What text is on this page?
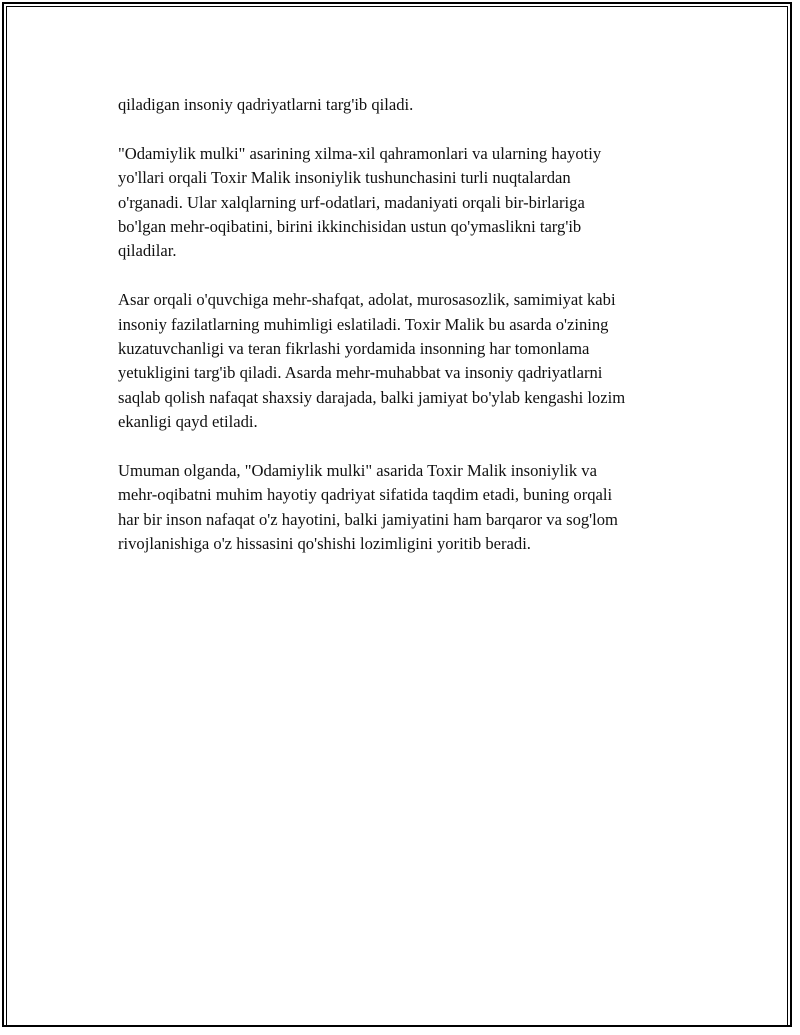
qiladigan insoniy qadriyatlarni targ'ib qiladi.

"Odamiylik mulki" asarining xilma-xil qahramonlari va ularning hayotiy
yo'llari orqali Toxir Malik insoniylik tushunchasini turli nuqtalardan
o'rganadi. Ular xalqlarning urf-odatlari, madaniyati orqali bir-birlariga
bo'lgan mehr-oqibatini, birini ikkinchisidan ustun qo'ymaslikni targ'ib
qiladilar.

Asar orqali o'quvchiga mehr-shafqat, adolat, murosasozlik, samimiyat kabi
insoniy fazilatlarning muhimligi eslatiladi. Toxir Malik bu asarda o'zining
kuzatuvchanligi va teran fikrlashi yordamida insonning har tomonlama
yetukligini targ'ib qiladi. Asarda mehr-muhabbat va insoniy qadriyatlarni
saqlab qolish nafaqat shaxsiy darajada, balki jamiyat bo'ylab kengashi lozim
ekanligi qayd etiladi.

Umuman olganda, "Odamiylik mulki" asarida Toxir Malik insoniylik va
mehr-oqibatni muhim hayotiy qadriyat sifatida taqdim etadi, buning orqali
har bir inson nafaqat o'z hayotini, balki jamiyatini ham barqaror va sog'lom
rivojlanishiga o'z hissasini qo'shishi lozimligini yoritib beradi.
